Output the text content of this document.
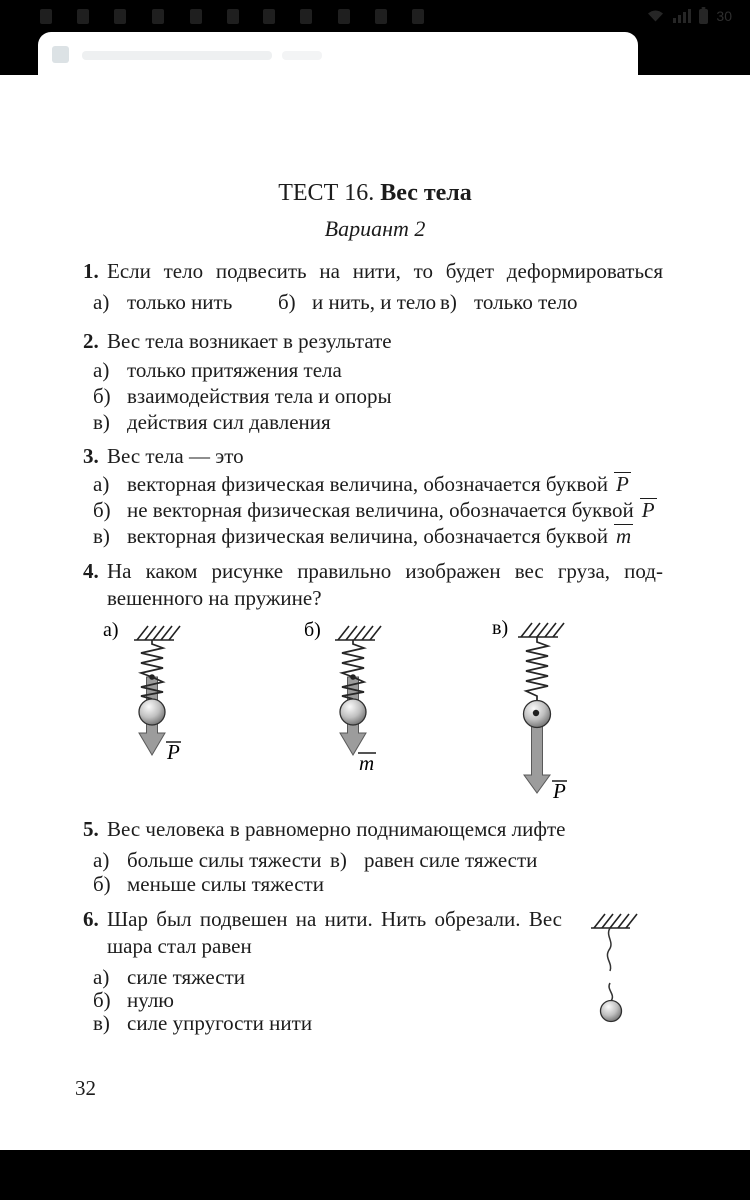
30
ТЕСТ 16. Вес тела
Вариант 2
1. Если тело подвесить на нити, то будет деформироваться
а) только нить б) и нить, и тело в) только тело
2. Вес тела возникает в результате
а) только притяжения тела
б) взаимодействия тела и опоры
в) действия сил давления
3. Вес тела — это
а) векторная физическая величина, обозначается буквой P
б) не векторная физическая величина, обозначается буквой P
в) векторная физическая величина, обозначается буквой m
4. На каком рисунке правильно изображен вес груза, под-
вешенного на пружине?
а)
P
б)
m
в)
P
5. Вес человека в равномерно поднимающемся лифте
а) больше силы тяжести в) равен силе тяжести
б) меньше силы тяжести
6. Шар был подвешен на нити. Нить обрезали. Вес
шара стал равен
а) силе тяжести
б) нулю
в) силе упругости нити
32
